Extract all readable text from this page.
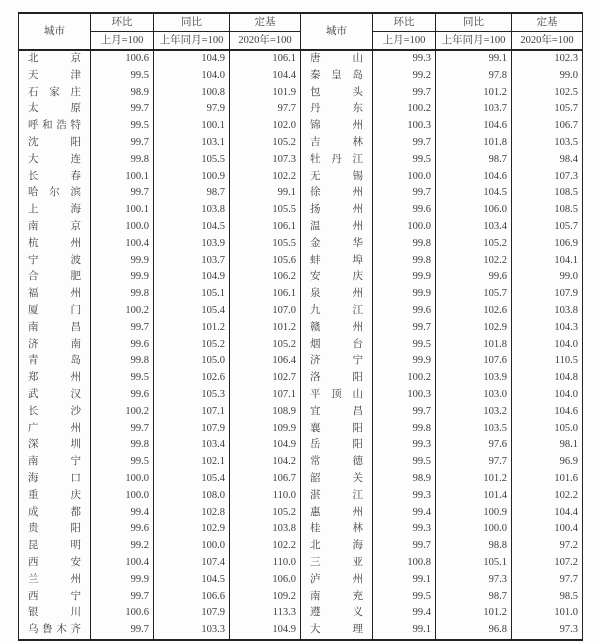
城市	环比	同比	定基	城市	环比	同比	定基
	上月=100	上年同月=100	2020年=100		上月=100	上年同月=100	2020年=100
北京	100.6	104.9	106.1	唐山	99.3	99.1	102.3
天津	99.5	104.0	104.4	秦皇岛	99.2	97.8	99.0
石家庄	98.9	100.8	101.9	包头	99.7	101.2	102.5
太原	99.7	97.9	97.7	丹东	100.2	103.7	105.7
呼和浩特	99.5	100.1	102.0	锦州	100.3	104.6	106.7
沈阳	99.7	103.1	105.2	吉林	99.7	101.8	103.5
大连	99.8	105.5	107.3	牡丹江	99.5	98.7	98.4
长春	100.1	100.9	102.2	无锡	100.0	104.6	107.3
哈尔滨	99.7	98.7	99.1	徐州	99.7	104.5	108.5
上海	100.1	103.8	105.5	扬州	99.6	106.0	108.5
南京	100.0	104.5	106.1	温州	100.0	103.4	105.7
杭州	100.4	103.9	105.5	金华	99.8	105.2	106.9
宁波	99.9	103.7	105.6	蚌埠	99.8	102.2	104.1
合肥	99.9	104.9	106.2	安庆	99.9	99.6	99.0
福州	99.8	105.1	106.1	泉州	99.9	105.7	107.9
厦门	100.2	105.4	107.0	九江	99.6	102.6	103.8
南昌	99.7	101.2	101.2	赣州	99.7	102.9	104.3
济南	99.6	105.2	105.2	烟台	99.5	101.8	104.0
青岛	99.8	105.0	106.4	济宁	99.9	107.6	110.5
郑州	99.5	102.6	102.7	洛阳	100.2	103.9	104.8
武汉	99.6	105.3	107.1	平顶山	100.3	103.0	104.0
长沙	100.2	107.1	108.9	宜昌	99.7	103.2	104.6
广州	99.7	107.9	109.9	襄阳	99.8	103.5	105.0
深圳	99.8	103.4	104.9	岳阳	99.3	97.6	98.1
南宁	99.5	102.1	104.2	常德	99.5	97.7	96.9
海口	100.0	105.4	106.7	韶关	98.9	101.2	101.6
重庆	100.0	108.0	110.0	湛江	99.3	101.4	102.2
成都	99.4	102.8	105.2	惠州	99.4	100.9	104.4
贵阳	99.6	102.9	103.8	桂林	99.3	100.0	100.4
昆明	99.2	100.0	102.2	北海	99.7	98.8	97.2
西安	100.4	107.4	110.0	三亚	100.8	105.1	107.2
兰州	99.9	104.5	106.0	泸州	99.1	97.3	97.7
西宁	99.7	106.6	109.2	南充	99.5	98.7	98.5
银川	100.6	107.9	113.3	遵义	99.4	101.2	101.0
乌鲁木齐	99.7	103.3	104.9	大理	99.1	96.8	97.3
